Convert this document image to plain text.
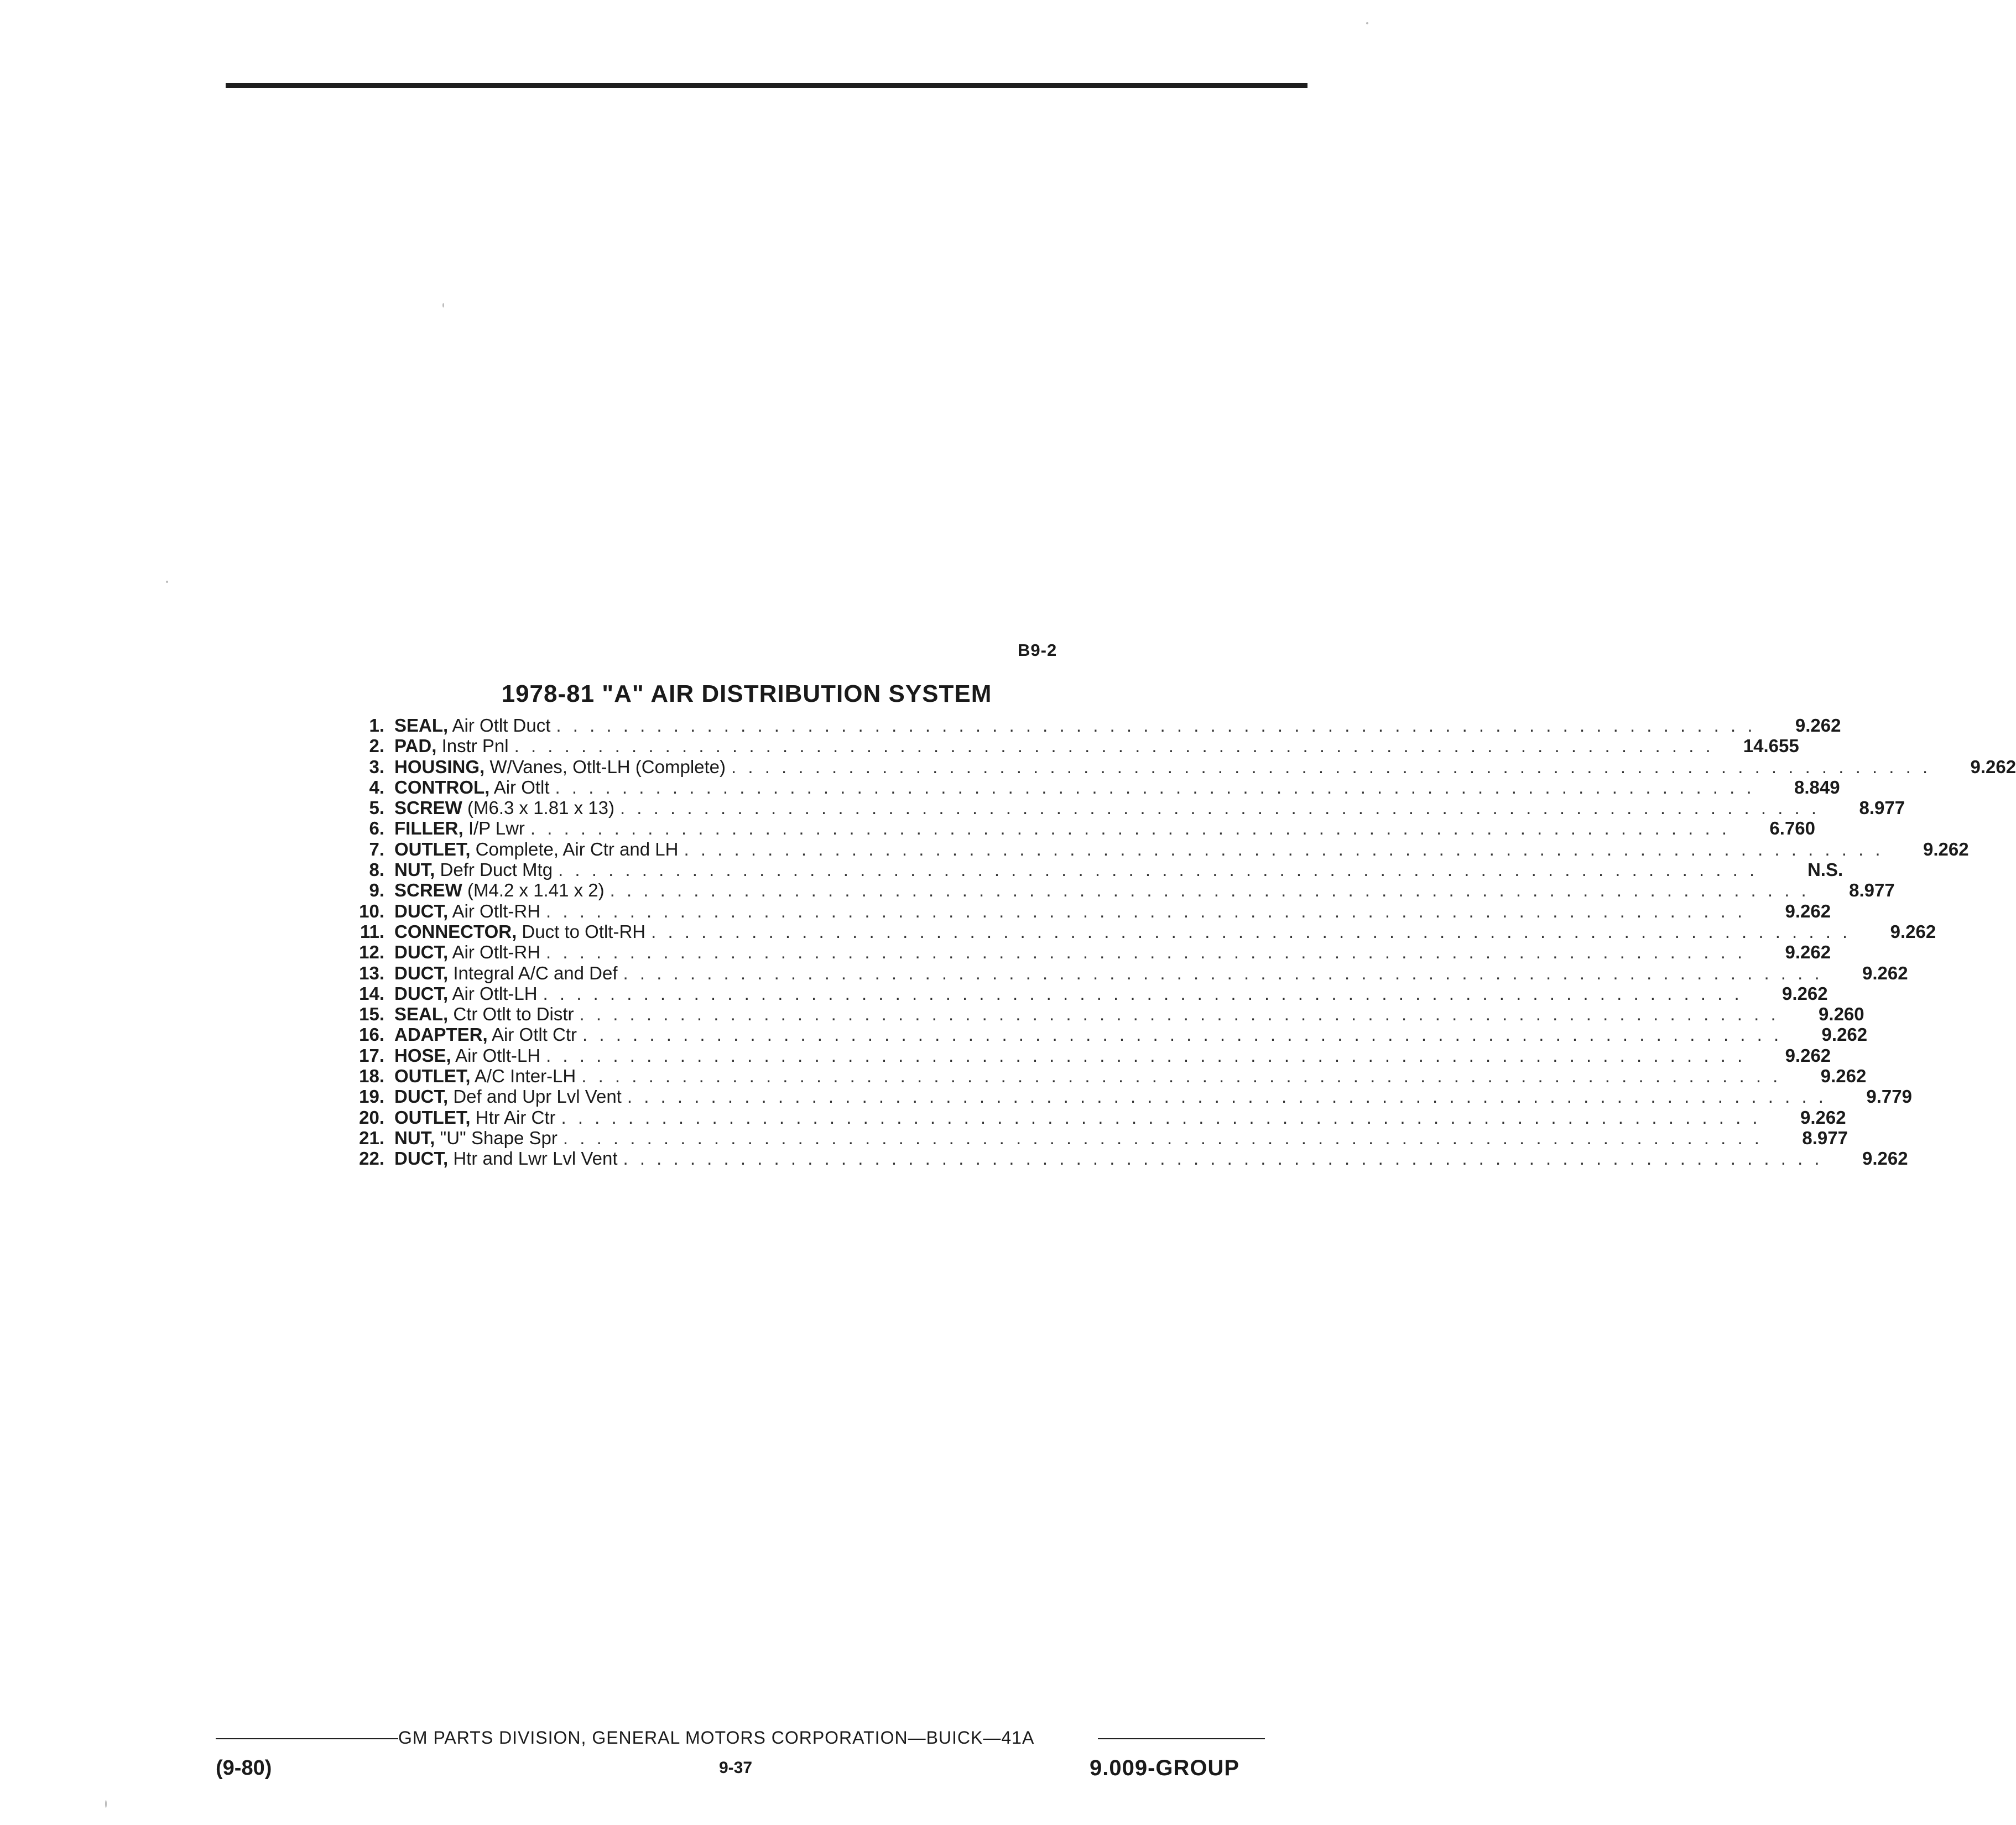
B9-2
1978-81 "A" AIR DISTRIBUTION SYSTEM
1. SEAL, Air Otlt Duct . . . . . . . . . . . . . . . . . . . . . . . . . . . . . . . . . . . . . . . . . . . . . . . . . . . . . . . . . . . . . . . . . . . . . . . .	9.262
2. PAD, Instr Pnl . . . . . . . . . . . . . . . . . . . . . . . . . . . . . . . . . . . . . . . . . . . . . . . . . . . . . . . . . . . . . . . . . . . . . . . .	14.655
3. HOUSING, W/Vanes, Otlt-LH (Complete) . . . . . . . . . . . . . . . . . . . . . . . . . . . . . . . . . . . . . . . . . . . . . . . . . . . . . . . . . . . . . . . . . . . . . . . .	9.262
4. CONTROL, Air Otlt . . . . . . . . . . . . . . . . . . . . . . . . . . . . . . . . . . . . . . . . . . . . . . . . . . . . . . . . . . . . . . . . . . . . . . . .	8.849
5. SCREW (M6.3 x 1.81 x 13) . . . . . . . . . . . . . . . . . . . . . . . . . . . . . . . . . . . . . . . . . . . . . . . . . . . . . . . . . . . . . . . . . . . . . . . .	8.977
6. FILLER, I/P Lwr . . . . . . . . . . . . . . . . . . . . . . . . . . . . . . . . . . . . . . . . . . . . . . . . . . . . . . . . . . . . . . . . . . . . . . . .	6.760
7. OUTLET, Complete, Air Ctr and LH . . . . . . . . . . . . . . . . . . . . . . . . . . . . . . . . . . . . . . . . . . . . . . . . . . . . . . . . . . . . . . . . . . . . . . . .	9.262
8. NUT, Defr Duct Mtg . . . . . . . . . . . . . . . . . . . . . . . . . . . . . . . . . . . . . . . . . . . . . . . . . . . . . . . . . . . . . . . . . . . . . . . .	N.S.
9. SCREW (M4.2 x 1.41 x 2) . . . . . . . . . . . . . . . . . . . . . . . . . . . . . . . . . . . . . . . . . . . . . . . . . . . . . . . . . . . . . . . . . . . . . . . .	8.977
10. DUCT, Air Otlt-RH . . . . . . . . . . . . . . . . . . . . . . . . . . . . . . . . . . . . . . . . . . . . . . . . . . . . . . . . . . . . . . . . . . . . . . . .	9.262
11. CONNECTOR, Duct to Otlt-RH . . . . . . . . . . . . . . . . . . . . . . . . . . . . . . . . . . . . . . . . . . . . . . . . . . . . . . . . . . . . . . . . . . . . . . . .	9.262
12. DUCT, Air Otlt-RH . . . . . . . . . . . . . . . . . . . . . . . . . . . . . . . . . . . . . . . . . . . . . . . . . . . . . . . . . . . . . . . . . . . . . . . .	9.262
13. DUCT, Integral A/C and Def . . . . . . . . . . . . . . . . . . . . . . . . . . . . . . . . . . . . . . . . . . . . . . . . . . . . . . . . . . . . . . . . . . . . . . . .	9.262
14. DUCT, Air Otlt-LH . . . . . . . . . . . . . . . . . . . . . . . . . . . . . . . . . . . . . . . . . . . . . . . . . . . . . . . . . . . . . . . . . . . . . . . .	9.262
15. SEAL, Ctr Otlt to Distr . . . . . . . . . . . . . . . . . . . . . . . . . . . . . . . . . . . . . . . . . . . . . . . . . . . . . . . . . . . . . . . . . . . . . . . .	9.260
16. ADAPTER, Air Otlt Ctr . . . . . . . . . . . . . . . . . . . . . . . . . . . . . . . . . . . . . . . . . . . . . . . . . . . . . . . . . . . . . . . . . . . . . . . .	9.262
17. HOSE, Air Otlt-LH . . . . . . . . . . . . . . . . . . . . . . . . . . . . . . . . . . . . . . . . . . . . . . . . . . . . . . . . . . . . . . . . . . . . . . . .	9.262
18. OUTLET, A/C Inter-LH . . . . . . . . . . . . . . . . . . . . . . . . . . . . . . . . . . . . . . . . . . . . . . . . . . . . . . . . . . . . . . . . . . . . . . . .	9.262
19. DUCT, Def and Upr Lvl Vent . . . . . . . . . . . . . . . . . . . . . . . . . . . . . . . . . . . . . . . . . . . . . . . . . . . . . . . . . . . . . . . . . . . . . . . .	9.779
20. OUTLET, Htr Air Ctr . . . . . . . . . . . . . . . . . . . . . . . . . . . . . . . . . . . . . . . . . . . . . . . . . . . . . . . . . . . . . . . . . . . . . . . .	9.262
21. NUT, "U" Shape Spr . . . . . . . . . . . . . . . . . . . . . . . . . . . . . . . . . . . . . . . . . . . . . . . . . . . . . . . . . . . . . . . . . . . . . . . .	8.977
22. DUCT, Htr and Lwr Lvl Vent . . . . . . . . . . . . . . . . . . . . . . . . . . . . . . . . . . . . . . . . . . . . . . . . . . . . . . . . . . . . . . . . . . . . . . . .	9.262
GM PARTS DIVISION, GENERAL MOTORS CORPORATION—BUICK—41A
(9-80)	9-37	9.009-GROUP
